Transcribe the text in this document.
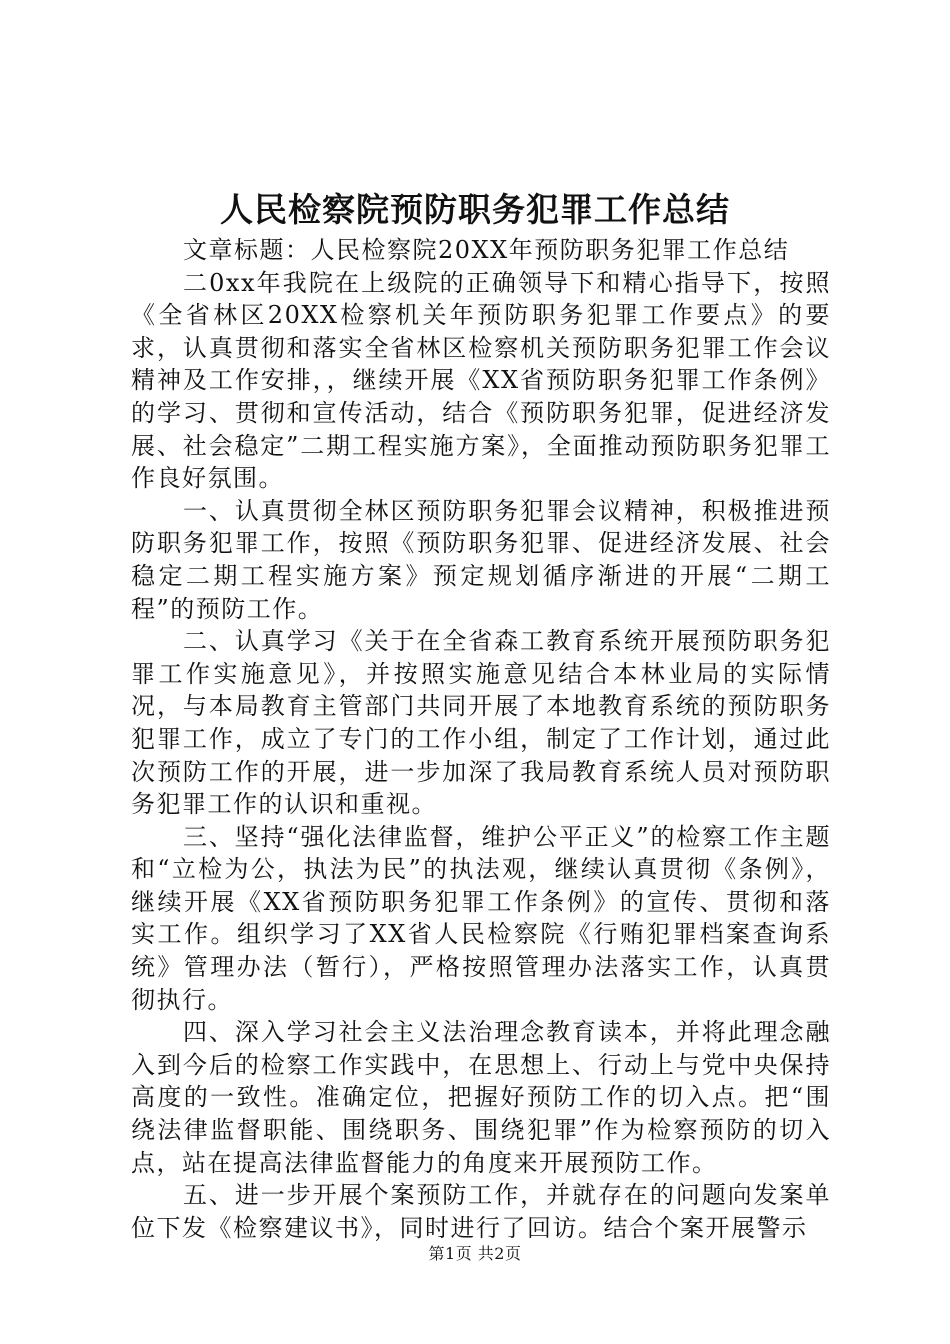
人民检察院预防职务犯罪工作总结

文章标题：人民检察院20XX年预防职务犯罪工作总结

二0xx年我院在上级院的正确领导下和精心指导下，按照《全省林区20XX检察机关年预防职务犯罪工作要点》的要求，认真贯彻和落实全省林区检察机关预防职务犯罪工作会议精神及工作安排，，继续开展《XX省预防职务犯罪工作条例》的学习、贯彻和宣传活动，结合《预防职务犯罪，促进经济发展、社会稳定”二期工程实施方案》，全面推动预防职务犯罪工作良好氛围。

一、认真贯彻全林区预防职务犯罪会议精神，积极推进预防职务犯罪工作，按照《预防职务犯罪、促进经济发展、社会稳定二期工程实施方案》预定规划循序渐进的开展“二期工程”的预防工作。

二、认真学习《关于在全省森工教育系统开展预防职务犯罪工作实施意见》，并按照实施意见结合本林业局的实际情况，与本局教育主管部门共同开展了本地教育系统的预防职务犯罪工作，成立了专门的工作小组，制定了工作计划，通过此次预防工作的开展，进一步加深了我局教育系统人员对预防职务犯罪工作的认识和重视。

三、坚持“强化法律监督，维护公平正义”的检察工作主题和“立检为公，执法为民”的执法观，继续认真贯彻《条例》，继续开展《XX省预防职务犯罪工作条例》的宣传、贯彻和落实工作。组织学习了XX省人民检察院《行贿犯罪档案查询系统》管理办法（暂行），严格按照管理办法落实工作，认真贯彻执行。

四、深入学习社会主义法治理念教育读本，并将此理念融入到今后的检察工作实践中，在思想上、行动上与党中央保持高度的一致性。准确定位，把握好预防工作的切入点。把“围绕法律监督职能、围绕职务、围绕犯罪”作为检察预防的切入点，站在提高法律监督能力的角度来开展预防工作。

五、进一步开展个案预防工作，并就存在的问题向发案单位下发《检察建议书》，同时进行了回访。结合个案开展警示

第1页 共2页
